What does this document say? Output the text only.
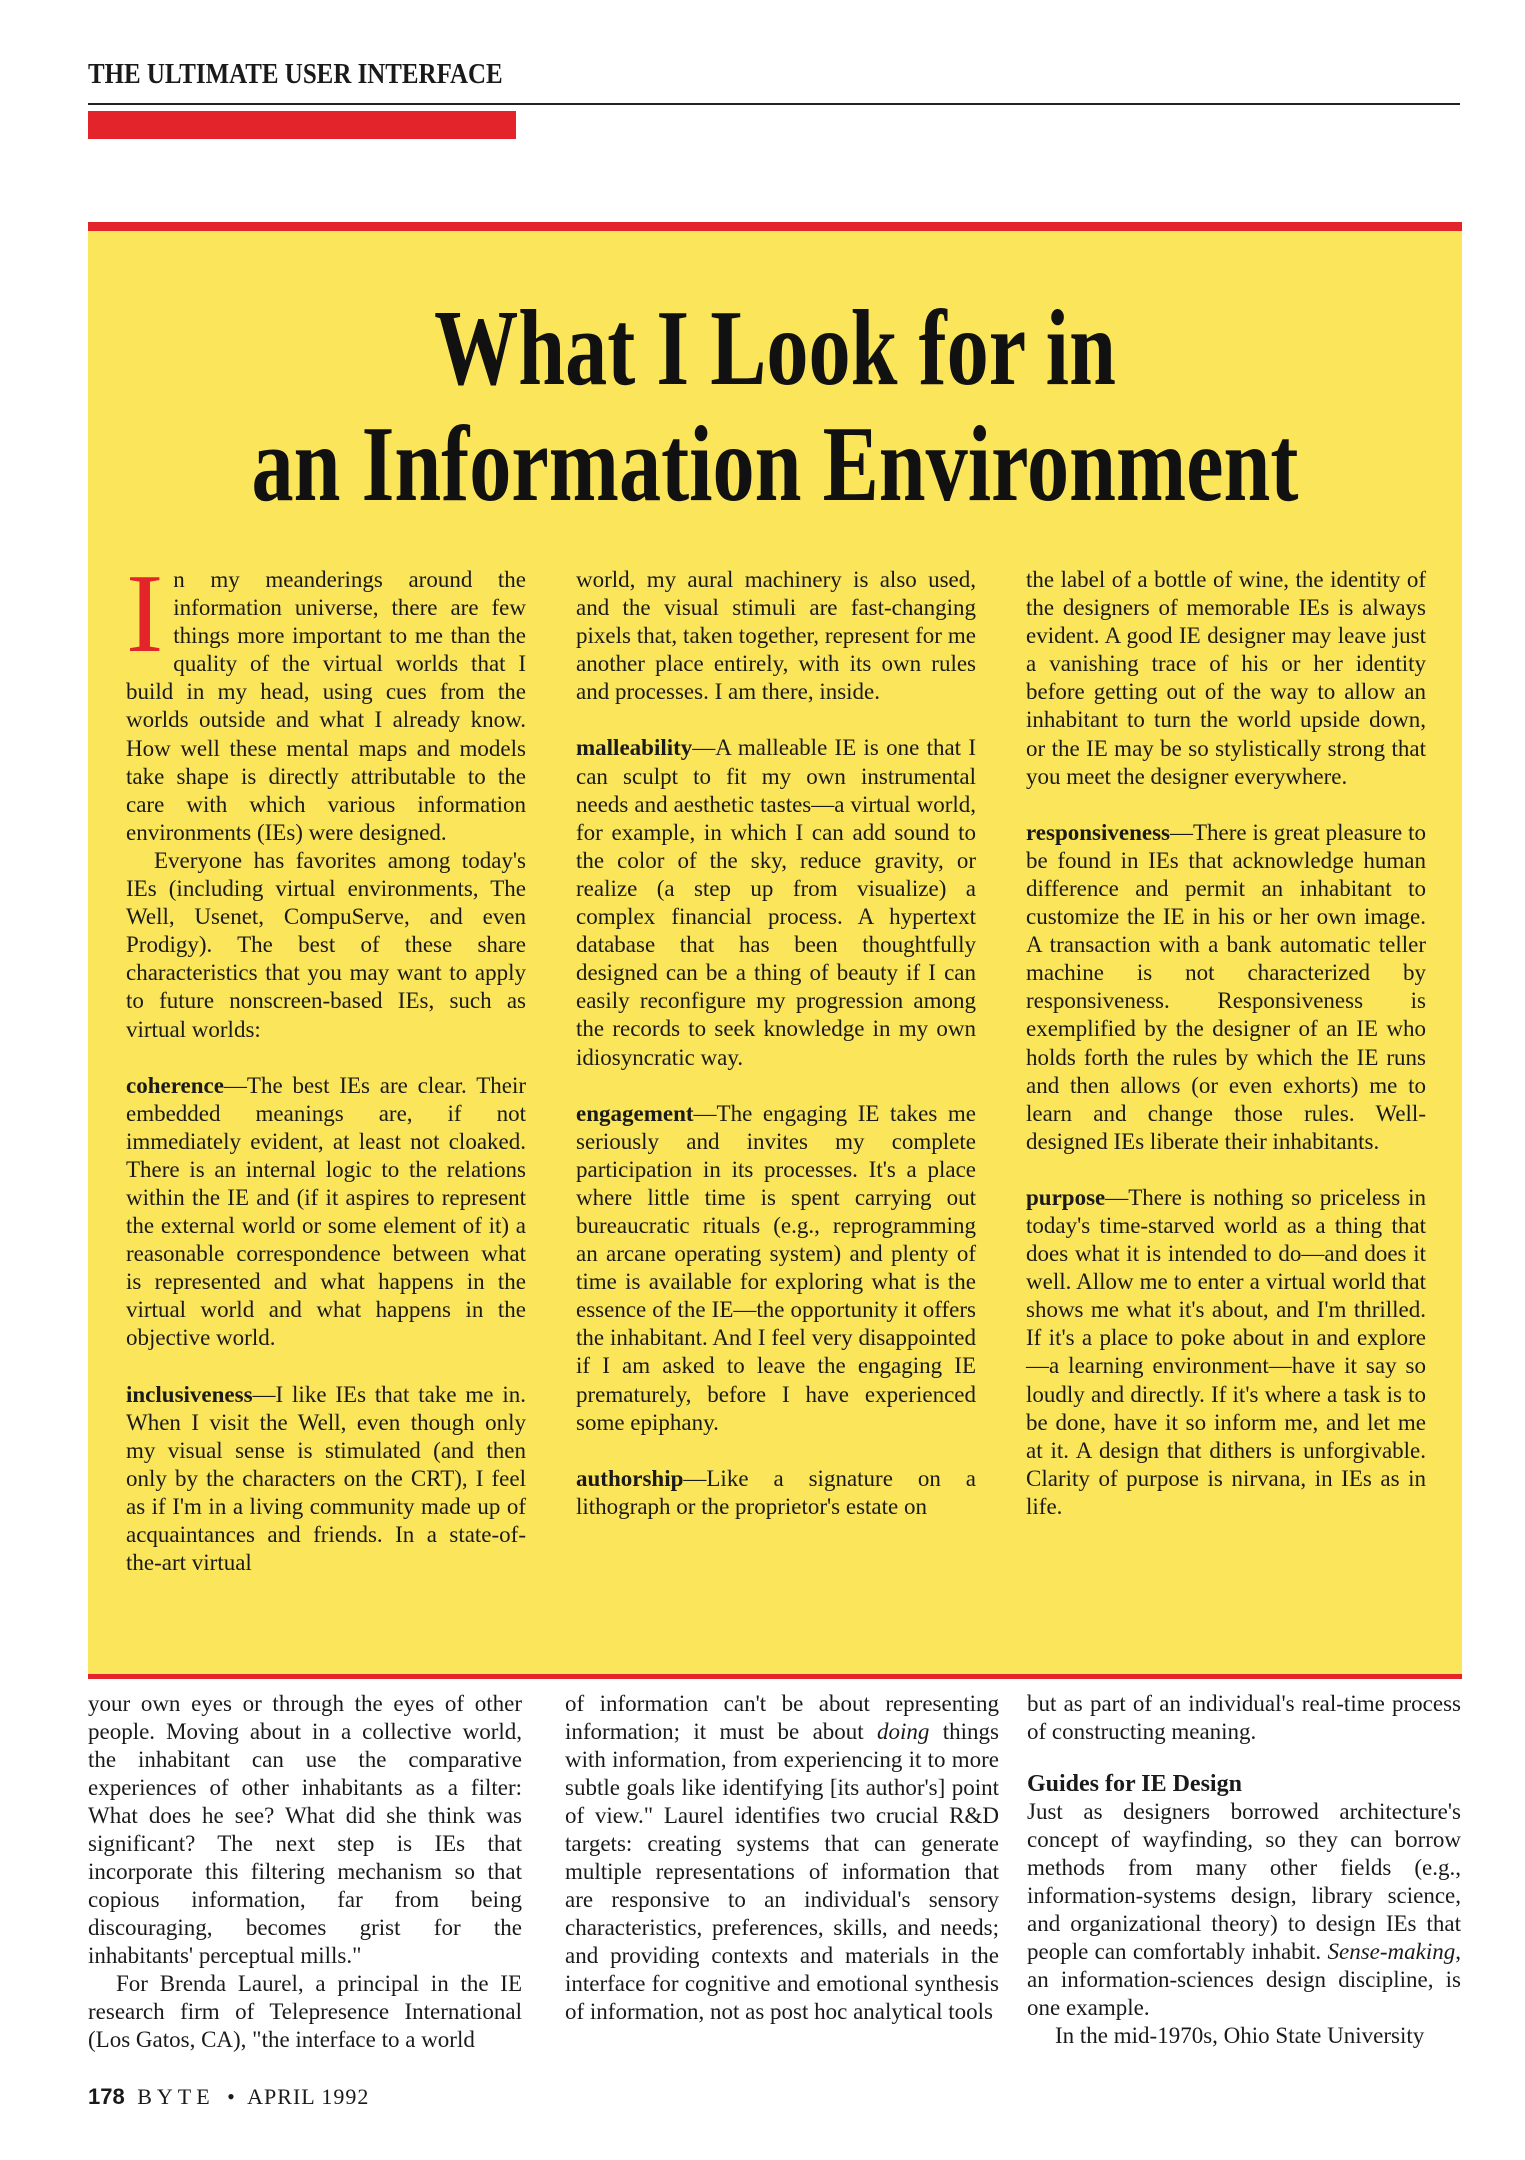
THE ULTIMATE USER INTERFACE
What I Look for in
an Information Environment

In my meanderings around the information universe, there are few things more important to me than the quality of the virtual worlds that I build in my head, using cues from the worlds outside and what I already know. How well these mental maps and models take shape is directly attributable to the care with which various information environments (IEs) were designed.

Everyone has favorites among today's IEs (including virtual environments, The Well, Usenet, CompuServe, and even Prodigy). The best of these share characteristics that you may want to apply to future nonscreen-based IEs, such as virtual worlds:

coherence—The best IEs are clear. Their embedded meanings are, if not immediately evident, at least not cloaked. There is an internal logic to the relations within the IE and (if it aspires to represent the external world or some element of it) a reasonable correspondence between what is represented and what happens in the virtual world and what happens in the objective world.

inclusiveness—I like IEs that take me in. When I visit the Well, even though only my visual sense is stimulated (and then only by the characters on the CRT), I feel as if I'm in a living community made up of acquaintances and friends. In a state-of-the-art virtual

world, my aural machinery is also used, and the visual stimuli are fast-changing pixels that, taken together, represent for me another place entirely, with its own rules and processes. I am there, inside.

malleability—A malleable IE is one that I can sculpt to fit my own instrumental needs and aesthetic tastes—a virtual world, for example, in which I can add sound to the color of the sky, reduce gravity, or realize (a step up from visualize) a complex financial process. A hypertext database that has been thoughtfully designed can be a thing of beauty if I can easily reconfigure my progression among the records to seek knowledge in my own idiosyncratic way.

engagement—The engaging IE takes me seriously and invites my complete participation in its processes. It's a place where little time is spent carrying out bureaucratic rituals (e.g., reprogramming an arcane operating system) and plenty of time is available for exploring what is the essence of the IE—the opportunity it offers the inhabitant. And I feel very disappointed if I am asked to leave the engaging IE prematurely, before I have experienced some epiphany.

authorship—Like a signature on a lithograph or the proprietor's estate on

the label of a bottle of wine, the identity of the designers of memorable IEs is always evident. A good IE designer may leave just a vanishing trace of his or her identity before getting out of the way to allow an inhabitant to turn the world upside down, or the IE may be so stylistically strong that you meet the designer everywhere.

responsiveness—There is great pleasure to be found in IEs that acknowledge human difference and permit an inhabitant to customize the IE in his or her own image. A transaction with a bank automatic teller machine is not characterized by responsiveness. Responsiveness is exemplified by the designer of an IE who holds forth the rules by which the IE runs and then allows (or even exhorts) me to learn and change those rules. Well-designed IEs liberate their inhabitants.

purpose—There is nothing so priceless in today's time-starved world as a thing that does what it is intended to do—and does it well. Allow me to enter a virtual world that shows me what it's about, and I'm thrilled. If it's a place to poke about in and explore—a learning environment—have it say so loudly and directly. If it's where a task is to be done, have it so inform me, and let me at it. A design that dithers is unforgivable. Clarity of purpose is nirvana, in IEs as in life.

your own eyes or through the eyes of other people. Moving about in a collective world, the inhabitant can use the comparative experiences of other inhabitants as a filter: What does he see? What did she think was significant? The next step is IEs that incorporate this filtering mechanism so that copious information, far from being discouraging, becomes grist for the inhabitants' perceptual mills."

For Brenda Laurel, a principal in the IE research firm of Telepresence International (Los Gatos, CA), "the interface to a world

of information can't be about representing information; it must be about doing things with information, from experiencing it to more subtle goals like identifying [its author's] point of view." Laurel identifies two crucial R&D targets: creating systems that can generate multiple representations of information that are responsive to an individual's sensory characteristics, preferences, skills, and needs; and providing contexts and materials in the interface for cognitive and emotional synthesis of information, not as post hoc analytical tools

but as part of an individual's real-time process of constructing meaning.

Guides for IE Design

Just as designers borrowed architecture's concept of wayfinding, so they can borrow methods from many other fields (e.g., information-systems design, library science, and organizational theory) to design IEs that people can comfortably inhabit. Sense-making, an information-sciences design discipline, is one example.

In the mid-1970s, Ohio State University

178 BYTE • APRIL 1992
